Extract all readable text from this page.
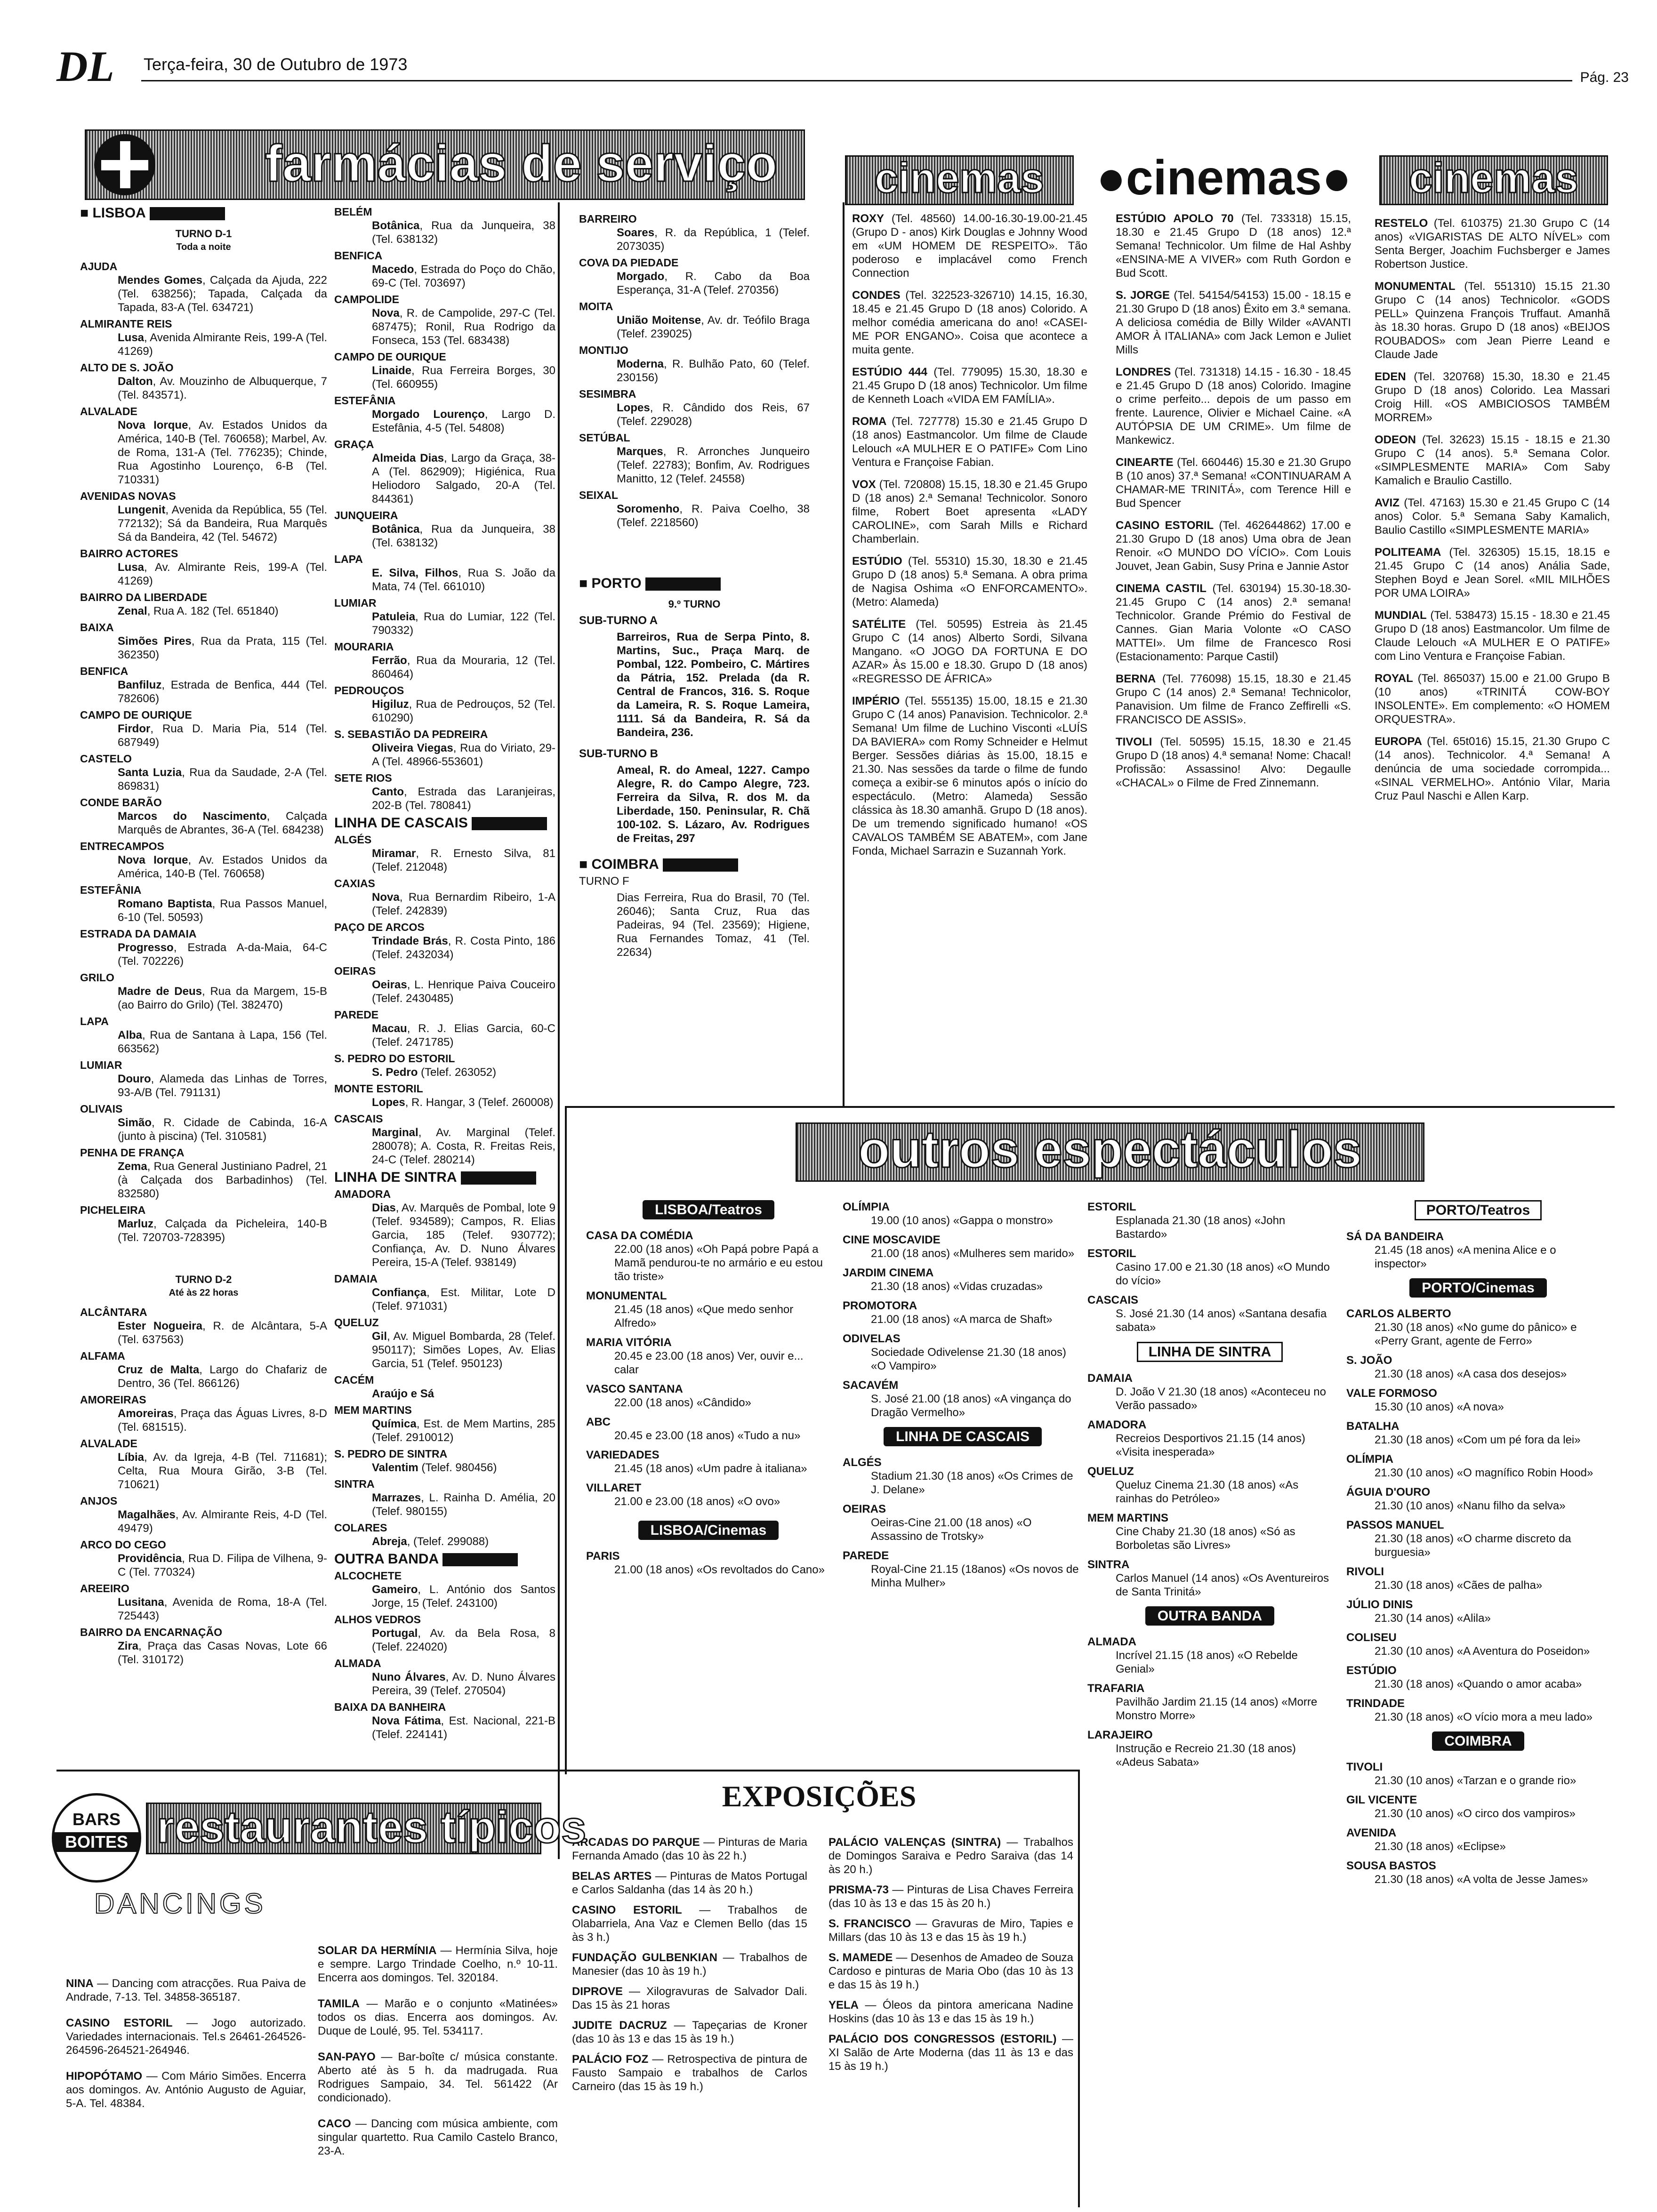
DL Terça-feira, 30 de Outubro de 1973
Pág. 23
farmácias de serviço	cinemas	●cinemas●	cinemas
■ LISBOA
TURNO D-1
Toda a noite
AJUDA
Mendes Gomes, Calçada da Ajuda, 222 (Tel. 638256); Tapada, Calçada da Tapada, 83-A (Tel. 634721)
ALMIRANTE REIS
Lusa, Avenida Almirante Reis, 199-A (Tel. 41269)
ALTO DE S. JOÃO
Dalton, Av. Mouzinho de Albuquerque, 7 (Tel. 843571).
ALVALADE
Nova Iorque, Av. Estados Unidos da América, 140-B (Tel. 760658); Marbel, Av. de Roma, 131-A (Tel. 776235); Chinde, Rua Agostinho Lourenço, 6-B (Tel. 710331)
AVENIDAS NOVAS
Lungenit, Avenida da República, 55 (Tel. 772132); Sá da Bandeira, Rua Marquês Sá da Bandeira, 42 (Tel. 54672)
BAIRRO ACTORES
Lusa, Av. Almirante Reis, 199-A (Tel. 41269)
BAIRRO DA LIBERDADE
Zenal, Rua A. 182 (Tel. 651840)
BAIXA
Simões Pires, Rua da Prata, 115 (Tel. 362350)
BENFICA
Banfiluz, Estrada de Benfica, 444 (Tel. 782606)
CAMPO DE OURIQUE
Firdor, Rua D. Maria Pia, 514 (Tel. 687949)
CASTELO
Santa Luzia, Rua da Saudade, 2-A (Tel. 869831)
CONDE BARÃO
Marcos do Nascimento, Calçada Marquês de Abrantes, 36-A (Tel. 684238)
ENTRECAMPOS
Nova Iorque, Av. Estados Unidos da América, 140-B (Tel. 760658)
ESTEFÂNIA
Romano Baptista, Rua Passos Manuel, 6-10 (Tel. 50593)
ESTRADA DA DAMAIA
Progresso, Estrada A-da-Maia, 64-C (Tel. 702226)
GRILO
Madre de Deus, Rua da Margem, 15-B (ao Bairro do Grilo) (Tel. 382470)
LAPA
Alba, Rua de Santana à Lapa, 156 (Tel. 663562)
LUMIAR
Douro, Alameda das Linhas de Torres, 93-A/B (Tel. 791131)
OLIVAIS
Simão, R. Cidade de Cabinda, 16-A (junto à piscina) (Tel. 310581)
PENHA DE FRANÇA
Zema, Rua General Justiniano Padrel, 21 (à Calçada dos Barbadinhos) (Tel. 832580)
PICHELEIRA
Marluz, Calçada da Picheleira, 140-B (Tel. 720703-728395)
TURNO D-2
Até às 22 horas
ALCÂNTARA
Ester Nogueira, R. de Alcântara, 5-A (Tel. 637563)
ALFAMA
Cruz de Malta, Largo do Chafariz de Dentro, 36 (Tel. 866126)
AMOREIRAS
Amoreiras, Praça das Águas Livres, 8-D (Tel. 681515).
ALVALADE
Líbia, Av. da Igreja, 4-B (Tel. 711681); Celta, Rua Moura Girão, 3-B (Tel. 710621)
ANJOS
Magalhães, Av. Almirante Reis, 4-D (Tel. 49479)
ARCO DO CEGO
Providência, Rua D. Filipa de Vilhena, 9-C (Tel. 770324)
AREEIRO
Lusitana, Avenida de Roma, 18-A (Tel. 725443)
BAIRRO DA ENCARNAÇÃO
Zira, Praça das Casas Novas, Lote 66 (Tel. 310172)
BELÉM
Botânica, Rua da Junqueira, 38 (Tel. 638132)
BENFICA
Macedo, Estrada do Poço do Chão, 69-C (Tel. 703697)
CAMPOLIDE
Nova, R. de Campolide, 297-C (Tel. 687475); Ronil, Rua Rodrigo da Fonseca, 153 (Tel. 683438)
CAMPO DE OURIQUE
Linaide, Rua Ferreira Borges, 30 (Tel. 660955)
ESTEFÂNIA
Morgado Lourenço, Largo D. Estefânia, 4-5 (Tel. 54808)
GRAÇA
Almeida Dias, Largo da Graça, 38-A (Tel. 862909); Higiénica, Rua Heliodoro Salgado, 20-A (Tel. 844361)
JUNQUEIRA
Botânica, Rua da Junqueira, 38 (Tel. 638132)
LAPA
E. Silva, Filhos, Rua S. João da Mata, 74 (Tel. 661010)
LUMIAR
Patuleia, Rua do Lumiar, 122 (Tel. 790332)
MOURARIA
Ferrão, Rua da Mouraria, 12 (Tel. 860464)
PEDROUÇOS
Higiluz, Rua de Pedrouços, 52 (Tel. 610290)
S. SEBASTIÃO DA PEDREIRA
Oliveira Viegas, Rua do Viriato, 29-A (Tel. 48966-553601)
SETE RIOS
Canto, Estrada das Laranjeiras, 202-B (Tel. 780841)
LINHA DE CASCAIS
ALGÉS
Miramar, R. Ernesto Silva, 81 (Telef. 212048)
CAXIAS
Nova, Rua Bernardim Ribeiro, 1-A (Telef. 242839)
PAÇO DE ARCOS
Trindade Brás, R. Costa Pinto, 186 (Telef. 2432034)
OEIRAS
Oeiras, L. Henrique Paiva Couceiro (Telef. 2430485)
PAREDE
Macau, R. J. Elias Garcia, 60-C (Telef. 2471785)
S. PEDRO DO ESTORIL
S. Pedro (Telef. 263052)
MONTE ESTORIL
Lopes, R. Hangar, 3 (Telef. 260008)
CASCAIS
Marginal, Av. Marginal (Telef. 280078); A. Costa, R. Freitas Reis, 24-C (Telef. 280214)
LINHA DE SINTRA
AMADORA
Dias, Av. Marquês de Pombal, lote 9 (Telef. 934589); Campos, R. Elias Garcia, 185 (Telef. 930772); Confiança, Av. D. Nuno Álvares Pereira, 15-A (Telef. 938149)
DAMAIA
Confiança, Est. Militar, Lote D (Telef. 971031)
QUELUZ
Gil, Av. Miguel Bombarda, 28 (Telef. 950117); Simões Lopes, Av. Elias Garcia, 51 (Telef. 950123)
CACÉM
Araújo e Sá
MEM MARTINS
Química, Est. de Mem Martins, 285 (Telef. 2910012)
S. PEDRO DE SINTRA
Valentim (Telef. 980456)
SINTRA
Marrazes, L. Rainha D. Amélia, 20 (Telef. 980155)
COLARES
Abreja, (Telef. 299088)
OUTRA BANDA
ALCOCHETE
Gameiro, L. António dos Santos Jorge, 15 (Telef. 243100)
ALHOS VEDROS
Portugal, Av. da Bela Rosa, 8 (Telef. 224020)
ALMADA
Nuno Álvares, Av. D. Nuno Álvares Pereira, 39 (Telef. 270504)
BAIXA DA BANHEIRA
Nova Fátima, Est. Nacional, 221-B (Telef. 224141)
BARREIRO
Soares, R. da República, 1 (Telef. 2073035)
COVA DA PIEDADE
Morgado, R. Cabo da Boa Esperança, 31-A (Telef. 270356)
MOITA
União Moitense, Av. dr. Teófilo Braga (Telef. 239025)
MONTIJO
Moderna, R. Bulhão Pato, 60 (Telef. 230156)
SESIMBRA
Lopes, R. Cândido dos Reis, 67 (Telef. 229028)
SETÚBAL
Marques, R. Arronches Junqueiro (Telef. 22783); Bonfim, Av. Rodrigues Manitto, 12 (Telef. 24558)
SEIXAL
Soromenho, R. Paiva Coelho, 38 (Telef. 2218560)
■ PORTO
9.º TURNO
SUB-TURNO A
Barreiros, Rua de Serpa Pinto, 8. Martins, Suc., Praça Marq. de Pombal, 122. Pombeiro, C. Mártires da Pátria, 152. Prelada (da R. Central de Francos, 316. S. Roque da Lameira, R. S. Roque Lameira, 1111. Sá da Bandeira, R. Sá da Bandeira, 236.
SUB-TURNO B
Ameal, R. do Ameal, 1227. Campo Alegre, R. do Campo Alegre, 723. Ferreira da Silva, R. dos M. da Liberdade, 150. Peninsular, R. Chã 100-102. S. Lázaro, Av. Rodrigues de Freitas, 297
■ COIMBRA
TURNO F
Dias Ferreira, Rua do Brasil, 70 (Tel. 26046); Santa Cruz, Rua das Padeiras, 94 (Tel. 23569); Higiene, Rua Fernandes Tomaz, 41 (Tel. 22634)
ROXY (Tel. 48560) 14.00-16.30-19.00-21.45 (Grupo D - anos) Kirk Douglas e Johnny Wood em «UM HOMEM DE RESPEITO». Tão poderoso e implacável como French Connection
CONDES (Tel. 322523-326710) 14.15, 16.30, 18.45 e 21.45 Grupo D (18 anos) Colorido. A melhor comédia americana do ano! «CASEI-ME POR ENGANO». Coisa que acontece a muita gente.
ESTÚDIO 444 (Tel. 779095) 15.30, 18.30 e 21.45 Grupo D (18 anos) Technicolor. Um filme de Kenneth Loach «VIDA EM FAMÍLIA».
ROMA (Tel. 727778) 15.30 e 21.45 Grupo D (18 anos) Eastmancolor. Um filme de Claude Lelouch «A MULHER E O PATIFE» Com Lino Ventura e Françoise Fabian.
VOX (Tel. 720808) 15.15, 18.30 e 21.45 Grupo D (18 anos) 2.ª Semana! Technicolor. Sonoro filme, Robert Boet apresenta «LADY CAROLINE», com Sarah Mills e Richard Chamberlain.
ESTÚDIO (Tel. 55310) 15.30, 18.30 e 21.45 Grupo D (18 anos) 5.ª Semana. A obra prima de Nagisa Oshima «O ENFORCAMENTO». (Metro: Alameda)
SATÉLITE (Tel. 50595) Estreia às 21.45 Grupo C (14 anos) Alberto Sordi, Silvana Mangano. «O JOGO DA FORTUNA E DO AZAR» Às 15.00 e 18.30. Grupo D (18 anos) «REGRESSO DE ÁFRICA»
IMPÉRIO (Tel. 555135) 15.00, 18.15 e 21.30 Grupo C (14 anos) Panavision. Technicolor. 2.ª Semana! Um filme de Luchino Visconti «LUÍS DA BAVIERA» com Romy Schneider e Helmut Berger. Sessões diárias às 15.00, 18.15 e 21.30. Nas sessões da tarde o filme de fundo começa a exibir-se 6 minutos após o início do espectáculo. (Metro: Alameda) Sessão clássica às 18.30 amanhã. Grupo D (18 anos). De um tremendo significado humano! «OS CAVALOS TAMBÉM SE ABATEM», com Jane Fonda, Michael Sarrazin e Suzannah York.
ESTÚDIO APOLO 70 (Tel. 733318) 15.15, 18.30 e 21.45 Grupo D (18 anos) 12.ª Semana! Technicolor. Um filme de Hal Ashby «ENSINA-ME A VIVER» com Ruth Gordon e Bud Scott.
S. JORGE (Tel. 54154/54153) 15.00 - 18.15 e 21.30 Grupo D (18 anos) Êxito em 3.ª semana. A deliciosa comédia de Billy Wilder «AVANTI AMOR À ITALIANA» com Jack Lemon e Juliet Mills
LONDRES (Tel. 731318) 14.15 - 16.30 - 18.45 e 21.45 Grupo D (18 anos) Colorido. Imagine o crime perfeito... depois de um passo em frente. Laurence, Olivier e Michael Caine. «A AUTÓPSIA DE UM CRIME». Um filme de Mankewicz.
CINEARTE (Tel. 660446) 15.30 e 21.30 Grupo B (10 anos) 37.ª Semana! «CONTINUARAM A CHAMAR-ME TRINITÁ», com Terence Hill e Bud Spencer
CASINO ESTORIL (Tel. 462644862) 17.00 e 21.30 Grupo D (18 anos) Uma obra de Jean Renoir. «O MUNDO DO VÍCIO». Com Louis Jouvet, Jean Gabin, Susy Prina e Jannie Astor
CINEMA CASTIL (Tel. 630194) 15.30-18.30-21.45 Grupo C (14 anos) 2.ª semana! Technicolor. Grande Prémio do Festival de Cannes. Gian Maria Volonte «O CASO MATTEI». Um filme de Francesco Rosi (Estacionamento: Parque Castil)
BERNA (Tel. 776098) 15.15, 18.30 e 21.45 Grupo C (14 anos) 2.ª Semana! Technicolor, Panavision. Um filme de Franco Zeffirelli «S. FRANCISCO DE ASSIS».
TIVOLI (Tel. 50595) 15.15, 18.30 e 21.45 Grupo D (18 anos) 4.ª semana! Nome: Chacal! Profissão: Assassino! Alvo: Degaulle «CHACAL» o Filme de Fred Zinnemann.
RESTELO (Tel. 610375) 21.30 Grupo C (14 anos) «VIGARISTAS DE ALTO NÍVEL» com Senta Berger, Joachim Fuchsberger e James Robertson Justice.
MONUMENTAL (Tel. 551310) 15.15 21.30 Grupo C (14 anos) Technicolor. «GODS PELL» Quinzena François Truffaut. Amanhã às 18.30 horas. Grupo D (18 anos) «BEIJOS ROUBADOS» com Jean Pierre Leand e Claude Jade
EDEN (Tel. 320768) 15.30, 18.30 e 21.45 Grupo D (18 anos) Colorido. Lea Massari Croig Hill. «OS AMBICIOSOS TAMBÉM MORREM»
ODEON (Tel. 32623) 15.15 - 18.15 e 21.30 Grupo C (14 anos). 5.ª Semana Color. «SIMPLESMENTE MARIA» Com Saby Kamalich e Braulio Castillo.
AVIZ (Tel. 47163) 15.30 e 21.45 Grupo C (14 anos) Color. 5.ª Semana Saby Kamalich, Baulio Castillo «SIMPLESMENTE MARIA»
POLITEAMA (Tel. 326305) 15.15, 18.15 e 21.45 Grupo C (14 anos) Anália Sade, Stephen Boyd e Jean Sorel. «MIL MILHÕES POR UMA LOIRA»
MUNDIAL (Tel. 538473) 15.15 - 18.30 e 21.45 Grupo D (18 anos) Eastmancolor. Um filme de Claude Lelouch «A MULHER E O PATIFE» com Lino Ventura e Françoise Fabian.
ROYAL (Tel. 865037) 15.00 e 21.00 Grupo B (10 anos) «TRINITÁ COW-BOY INSOLENTE». Em complemento: «O HOMEM ORQUESTRA».
EUROPA (Tel. 65t016) 15.15, 21.30 Grupo C (14 anos). Technicolor. 4.ª Semana! A denúncia de uma sociedade corrompida... «SINAL VERMELHO». António Vilar, Maria Cruz Paul Naschi e Allen Karp.
outros espectáculos
LISBOA/Teatros
CASA DA COMÉDIA
22.00 (18 anos) «Oh Papá pobre Papá a Mamã pendurou-te no armário e eu estou tão triste»
MONUMENTAL
21.45 (18 anos) «Que medo senhor Alfredo»
MARIA VITÓRIA
20.45 e 23.00 (18 anos) Ver, ouvir e... calar
VASCO SANTANA
22.00 (18 anos) «Cândido»
ABC
20.45 e 23.00 (18 anos) «Tudo a nu»
VARIEDADES
21.45 (18 anos) «Um padre à italiana»
VILLARET
21.00 e 23.00 (18 anos) «O ovo»
LISBOA/Cinemas
PARIS
21.00 (18 anos) «Os revoltados do Cano»
OLÍMPIA
19.00 (10 anos) «Gappa o monstro»
CINE MOSCAVIDE
21.00 (18 anos) «Mulheres sem marido»
JARDIM CINEMA
21.30 (18 anos) «Vidas cruzadas»
PROMOTORA
21.00 (18 anos) «A marca de Shaft»
ODIVELAS
Sociedade Odivelense 21.30 (18 anos) «O Vampiro»
SACAVÉM
S. José 21.00 (18 anos) «A vingança do Dragão Vermelho»
LINHA DE CASCAIS
ALGÉS
Stadium 21.30 (18 anos) «Os Crimes de J. Delane»
OEIRAS
Oeiras-Cine 21.00 (18 anos) «O Assassino de Trotsky»
PAREDE
Royal-Cine 21.15 (18anos) «Os novos de Minha Mulher»
ESTORIL
Esplanada 21.30 (18 anos) «John Bastardo»
ESTORIL
Casino 17.00 e 21.30 (18 anos) «O Mundo do vício»
CASCAIS
S. José 21.30 (14 anos) «Santana desafia sabata»
LINHA DE SINTRA
DAMAIA
D. João V 21.30 (18 anos) «Aconteceu no Verão passado»
AMADORA
Recreios Desportivos 21.15 (14 anos) «Visita inesperada»
QUELUZ
Queluz Cinema 21.30 (18 anos) «As rainhas do Petróleo»
MEM MARTINS
Cine Chaby 21.30 (18 anos) «Só as Borboletas são Livres»
SINTRA
Carlos Manuel (14 anos) «Os Aventureiros de Santa Trinitá»
OUTRA BANDA
ALMADA
Incrível 21.15 (18 anos) «O Rebelde Genial»
TRAFARIA
Pavilhão Jardim 21.15 (14 anos) «Morre Monstro Morre»
LARAJEIRO
Instrução e Recreio 21.30 (18 anos) «Adeus Sabata»
PORTO/Teatros
SÁ DA BANDEIRA
21.45 (18 anos) «A menina Alice e o inspector»
PORTO/Cinemas
CARLOS ALBERTO
21.30 (18 anos) «No gume do pânico» e «Perry Grant, agente de Ferro»
S. JOÃO
21.30 (18 anos) «A casa dos desejos»
VALE FORMOSO
15.30 (10 anos) «A nova»
BATALHA
21.30 (18 anos) «Com um pé fora da lei»
OLÍMPIA
21.30 (10 anos) «O magnífico Robin Hood»
ÁGUIA D'OURO
21.30 (10 anos) «Nanu filho da selva»
PASSOS MANUEL
21.30 (18 anos) «O charme discreto da burguesia»
RIVOLI
21.30 (18 anos) «Cães de palha»
JÚLIO DINIS
21.30 (14 anos) «Alila»
COLISEU
21.30 (10 anos) «A Aventura do Poseidon»
ESTÚDIO
21.30 (18 anos) «Quando o amor acaba»
TRINDADE
21.30 (18 anos) «O vício mora a meu lado»
COIMBRA
TIVOLI
21.30 (10 anos) «Tarzan e o grande rio»
GIL VICENTE
21.30 (10 anos) «O circo dos vampiros»
AVENIDA
21.30 (18 anos) «Eclipse»
SOUSA BASTOS
21.30 (18 anos) «A volta de Jesse James»
EXPOSIÇÕES
ARCADAS DO PARQUE — Pinturas de Maria Fernanda Amado (das 10 às 22 h.)
BELAS ARTES — Pinturas de Matos Portugal e Carlos Saldanha (das 14 às 20 h.)
CASINO ESTORIL — Trabalhos de Olabarriela, Ana Vaz e Clemen Bello (das 15 às 3 h.)
FUNDAÇÃO GULBENKIAN — Trabalhos de Manesier (das 10 às 19 h.)
DIPROVE — Xilogravuras de Salvador Dali. Das 15 às 21 horas
JUDITE DACRUZ — Tapeçarias de Kroner (das 10 às 13 e das 15 às 19 h.)
PALÁCIO FOZ — Retrospectiva de pintura de Fausto Sampaio e trabalhos de Carlos Carneiro (das 15 às 19 h.)
PALÁCIO VALENÇAS (SINTRA) — Trabalhos de Domingos Saraiva e Pedro Saraiva (das 14 às 20 h.)
PRISMA-73 — Pinturas de Lisa Chaves Ferreira (das 10 às 13 e das 15 às 20 h.)
S. FRANCISCO — Gravuras de Miro, Tapies e Millars (das 10 às 13 e das 15 às 19 h.)
S. MAMEDE — Desenhos de Amadeo de Souza Cardoso e pinturas de Maria Obo (das 10 às 13 e das 15 às 19 h.)
YELA — Óleos da pintora americana Nadine Hoskins (das 10 às 13 e das 15 às 19 h.)
PALÁCIO DOS CONGRESSOS (ESTORIL) — XI Salão de Arte Moderna (das 11 às 13 e das 15 às 19 h.)
BARS
BOITES restaurantes típicos
DANCINGS
NINA — Dancing com atracções. Rua Paiva de Andrade, 7-13. Tel. 34858-365187.
CASINO ESTORIL — Jogo autorizado. Variedades internacionais. Tel.s 26461-264526-264596-264521-264946.
HIPOPÓTAMO — Com Mário Simões. Encerra aos domingos. Av. António Augusto de Aguiar, 5-A. Tel. 48384.
SOLAR DA HERMÍNIA — Hermínia Silva, hoje e sempre. Largo Trindade Coelho, n.º 10-11. Encerra aos domingos. Tel. 320184.
TAMILA — Marão e o conjunto «Matinées» todos os dias. Encerra aos domingos. Av. Duque de Loulé, 95. Tel. 534117.
SAN-PAYO — Bar-boîte c/ música constante. Aberto até às 5 h. da madrugada. Rua Rodrigues Sampaio, 34. Tel. 561422 (Ar condicionado).
CACO — Dancing com música ambiente, com singular quartetto. Rua Camilo Castelo Branco, 23-A.
